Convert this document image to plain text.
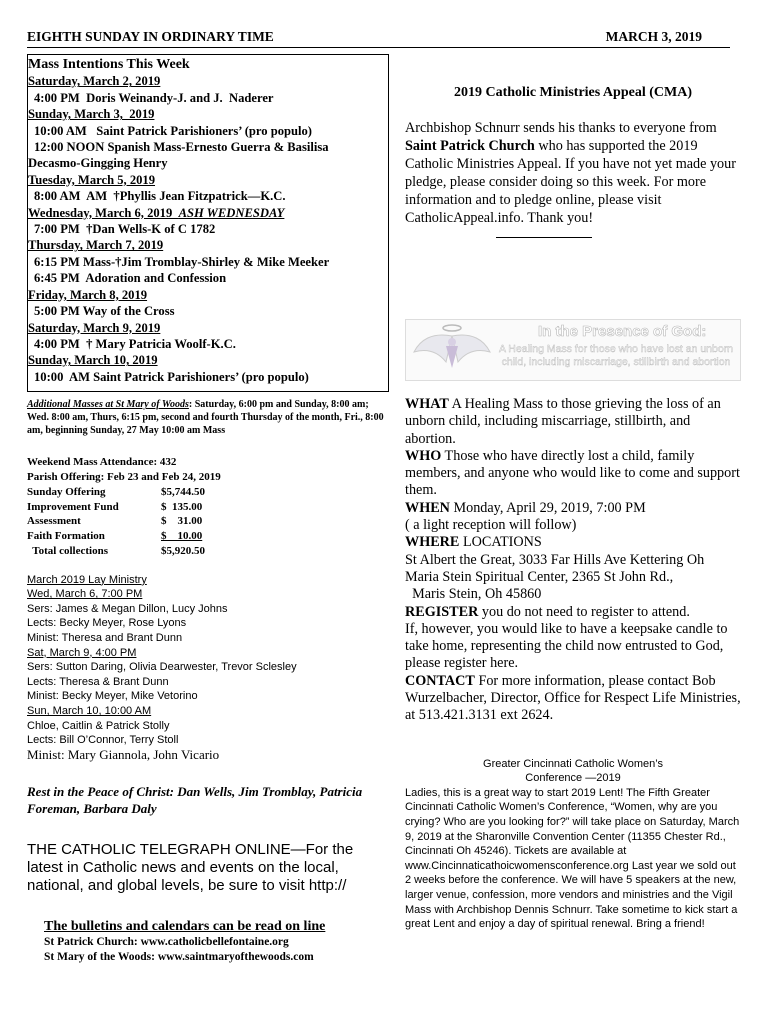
EIGHTH SUNDAY IN ORDINARY TIME	MARCH 3, 2019
Mass Intentions This Week
Saturday, March 2, 2019
4:00 PM  Doris Weinandy-J. and J.  Naderer
Sunday, March 3,  2019
10:00 AM   Saint Patrick Parishioners’ (pro populo)
12:00 NOON Spanish Mass-Ernesto Guerra & Basilisa
Decasmo-Gingging Henry
Tuesday, March 5, 2019
8:00 AM  AM  †Phyllis Jean Fitzpatrick—K.C.
Wednesday, March 6, 2019  ASH WEDNESDAY
7:00 PM  †Dan Wells-K of C 1782
Thursday, March 7, 2019
6:15 PM Mass-†Jim Tromblay-Shirley & Mike Meeker
6:45 PM  Adoration and Confession
Friday, March 8, 2019
5:00 PM Way of the Cross
Saturday, March 9, 2019
4:00 PM  † Mary Patricia Woolf-K.C.
Sunday, March 10, 2019
10:00  AM Saint Patrick Parishioners’ (pro populo)
Additional Masses at St Mary of Woods: Saturday, 6:00 pm and Sunday, 8:00 am; Wed. 8:00 am, Thurs, 6:15 pm, second and fourth Thursday of the month, Fri., 8:00 am, beginning Sunday, 27 May 10:00 am Mass
Weekend Mass Attendance: 432
Parish Offering: Feb 23 and Feb 24, 2019
Sunday Offering	$5,744.50
Improvement Fund	$  135.00
Assessment	$    31.00
Faith Formation	$    10.00
Total collections	$5,920.50
March 2019 Lay Ministry
Wed, March 6, 7:00 PM
Sers: James & Megan Dillon, Lucy Johns
Lects: Becky Meyer, Rose Lyons
Minist: Theresa and Brant Dunn
Sat, March 9, 4:00 PM
Sers: Sutton Daring, Olivia Dearwester, Trevor Sclesley
Lects: Theresa & Brant Dunn
Minist: Becky Meyer, Mike Vetorino
Sun, March 10, 10:00 AM
Chloe, Caitlin & Patrick Stolly
Lects: Bill O’Connor, Terry Stoll
Minist: Mary Giannola, John Vicario
Rest in the Peace of Christ: Dan Wells, Jim Tromblay, Patricia Foreman, Barbara Daly
THE CATHOLIC TELEGRAPH ONLINE—For the latest in Catholic news and events on the local, national, and global levels, be sure to visit http://
The bulletins and calendars can be read on line
St Patrick Church: www.catholicbellefontaine.org
St Mary of the Woods: www.saintmaryofthewoods.com
2019 Catholic Ministries Appeal (CMA)
Archbishop Schnurr sends his thanks to everyone from Saint Patrick Church who has supported the 2019 Catholic Ministries Appeal. If you have not yet made your pledge, please consider doing so this week. For more information and to pledge online, please visit CatholicAppeal.info. Thank you!
In the Presence of God:
A Healing Mass for those who have lost an unborn child, including miscarriage, stillbirth and abortion
WHAT A Healing Mass to those grieving the loss of an unborn child, including miscarriage, stillbirth, and abortion.
WHO Those who have directly lost a child, family members, and anyone who would like to come and support them.
WHEN Monday, April 29, 2019, 7:00 PM
( a light reception will follow)
WHERE LOCATIONS
St Albert the Great, 3033 Far Hills Ave Kettering Oh
Maria Stein Spiritual Center, 2365 St John Rd.,
Maris Stein, Oh 45860
REGISTER you do not need to register to attend.
If, however, you would like to have a keepsake candle to take home, representing the child now entrusted to God, please register here.
CONTACT For more information, please contact Bob Wurzelbacher, Director, Office for Respect Life Ministries, at 513.421.3131 ext 2624.
Greater Cincinnati Catholic Women’s
Conference —2019
Ladies, this is a great way to start 2019 Lent! The Fifth Greater Cincinnati Catholic Women’s Conference, “Women, why are you crying? Who are you looking for?” will take place on Saturday, March 9, 2019 at the Sharonville Convention Center (11355 Chester Rd., Cincinnati Oh 45246). Tickets are available at www.Cincinnaticathoicwomensconference.org Last year we sold out 2 weeks before the conference. We will have 5 speakers at the new, larger venue, confession, more vendors and ministries and the Vigil Mass with Archbishop Dennis Schnurr. Take sometime to kick start a great Lent and enjoy a day of spiritual renewal. Bring a friend!
